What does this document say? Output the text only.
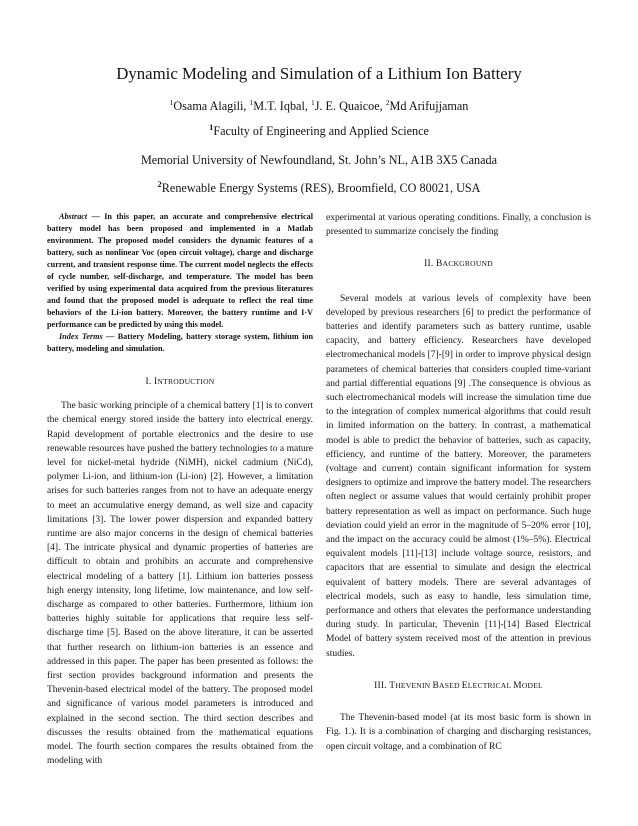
Dynamic Modeling and Simulation of a Lithium Ion Battery
$^1$Osama Alagili, $^1$M.T. Iqbal, $^1$J. E. Quaicoe, $^2$Md Arifujjaman
$^1$Faculty of Engineering and Applied Science
Memorial University of Newfoundland, St. John’s NL, A1B 3X5 Canada
$^2$Renewable Energy Systems (RES), Broomfield, CO 80021, USA

Abstract — In this paper, an accurate and comprehensive electrical battery model has been proposed and implemented in a Matlab environment. The proposed model considers the dynamic features of a battery, such as nonlinear Voc (open circuit voltage), charge and discharge current, and transient response time. The current model neglects the effects of cycle number, self-discharge, and temperature. The model has been verified by using experimental data acquired from the previous literatures and found that the proposed model is adequate to reflect the real time behaviors of the Li-ion battery. Moreover, the battery runtime and I-V performance can be predicted by using this model.

Index Terms — Battery Modeling, battery storage system, lithium ion battery, modeling and simulation.

I. INTRODUCTION

The basic working principle of a chemical battery [1] is to convert the chemical energy stored inside the battery into electrical energy. Rapid development of portable electronics and the desire to use renewable resources have pushed the battery technologies to a mature level for nickel-metal hydride (NiMH), nickel cadmium (NiCd), polymer Li-ion, and lithium-ion (Li-ion) [2]. However, a limitation arises for such batteries ranges from not to have an adequate energy to meet an accumulative energy demand, as well size and capacity limitations [3]. The lower power dispersion and expanded battery runtime are also major concerns in the design of chemical batteries [4]. The intricate physical and dynamic properties of batteries are difficult to obtain and prohibits an accurate and comprehensive electrical modeling of a battery [1]. Lithium ion batteries possess high energy intensity, long lifetime, low maintenance, and low self-discharge as compared to other batteries. Furthermore, lithium ion batteries highly suitable for applications that require less self-discharge time [5]. Based on the above literature, it can be asserted that further research on lithium-ion batteries is an essence and addressed in this paper. The paper has been presented as follows: the first section provides background information and presents the Thevenin-based electrical model of the battery. The proposed model and significance of various model parameters is introduced and explained in the second section. The third section describes and discusses the results obtained from the mathematical equations model. The fourth section compares the results obtained from the modeling with

experimental at various operating conditions. Finally, a conclusion is presented to summarize concisely the finding

II. BACKGROUND

Several models at various levels of complexity have been developed by previous researchers [6] to predict the performance of batteries and identify parameters such as battery runtime, usable capacity, and battery efficiency. Researchers have developed electromechanical models [7]-[9] in order to improve physical design parameters of chemical batteries that considers coupled time-variant and partial differential equations [9] .The consequence is obvious as such electromechanical models will increase the simulation time due to the integration of complex numerical algorithms that could result in limited information on the battery. In contrast, a mathematical model is able to predict the behavior of batteries, such as capacity, efficiency, and runtime of the battery. Moreover, the parameters (voltage and current) contain significant information for system designers to optimize and improve the battery model. The researchers often neglect or assume values that would certainly prohibit proper battery representation as well as impact on performance. Such huge deviation could yield an error in the magnitude of 5–20% error [10], and the impact on the accuracy could be almost (1%–5%). Electrical equivalent models [11]-[13] include voltage source, resistors, and capacitors that are essential to simulate and design the electrical equivalent of battery models. There are several advantages of electrical models, such as easy to handle, less simulation time, performance and others that elevates the performance understanding during study. In particular, Thevenin [11]-[14] Based Electrical Model of battery system received most of the attention in previous studies.

III. THEVENIN BASED ELECTRICAL MODEL

The Thevenin-based model (at its most basic form is shown in Fig. 1.). It is a combination of charging and discharging resistances, open circuit voltage, and a combination of RC
